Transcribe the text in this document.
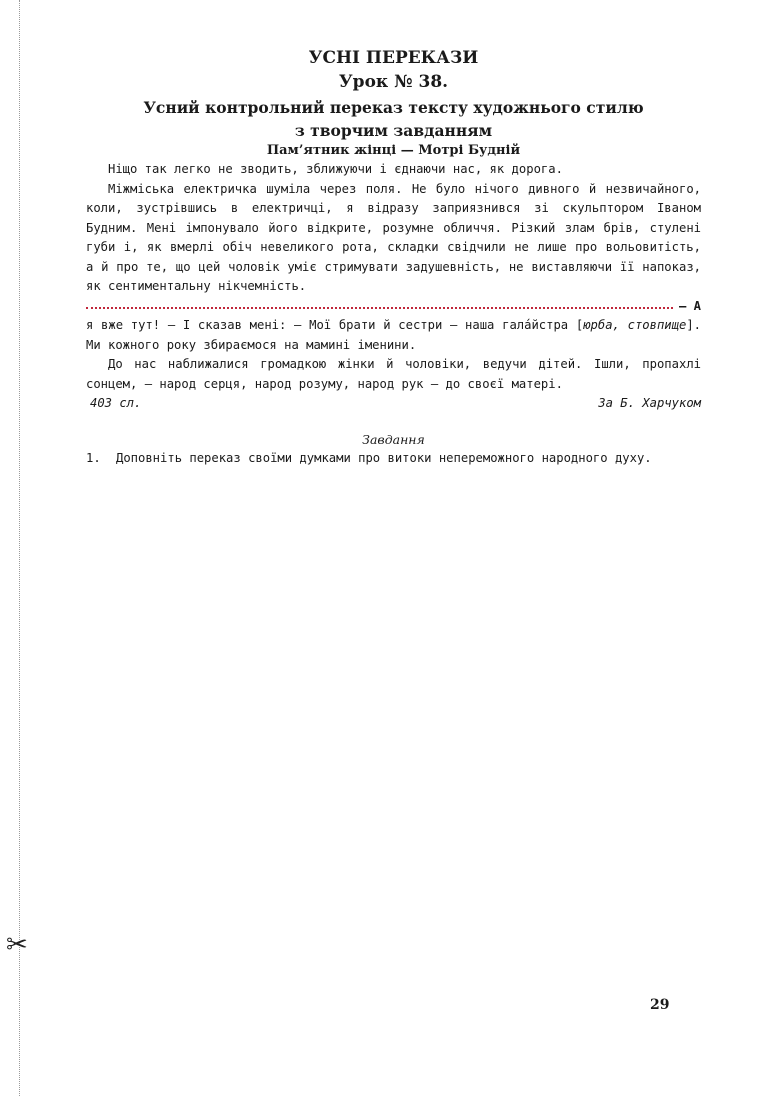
✂
УСНІ ПЕРЕКАЗИ
Урок № 38.
Усний контрольний переказ тексту художнього стилю
з творчим завданням
Пам’ятник жінці — Мотрі Будній

Ніщо так легко не зводить, зближуючи і єднаючи нас, як дорога.

Міжміська електричка шуміла через поля. Не було нічого дивного й незвичайного, коли, зустрівшись в електричці, я відразу заприязнився зі скульптором Іваном Будним. Мені імпонувало його відкрите, розумне обличчя. Різкий злам брів, стулені губи і, як вмерлі обіч невеликого рота, складки свідчили не лише про вольовитість, а й про те, що цей чоловік уміє стримувати задушевність, не виставляючи її напоказ, як сентиментальну нікчемність.

— А

я вже тут! — І сказав мені: — Мої брати й сестри — наша галáйстра [юрба, стовпище]. Ми кожного року збираємося на мамині іменини.

До нас наближалися громадкою жінки й чоловіки, ведучи дітей. Ішли, пропахлі сонцем, — народ серця, народ розуму, народ рук — до своєї матері.

403 сл.	За Б. Харчуком
Завдання
1.	Доповніть переказ своїми думками про витоки непереможного народного духу.
29
